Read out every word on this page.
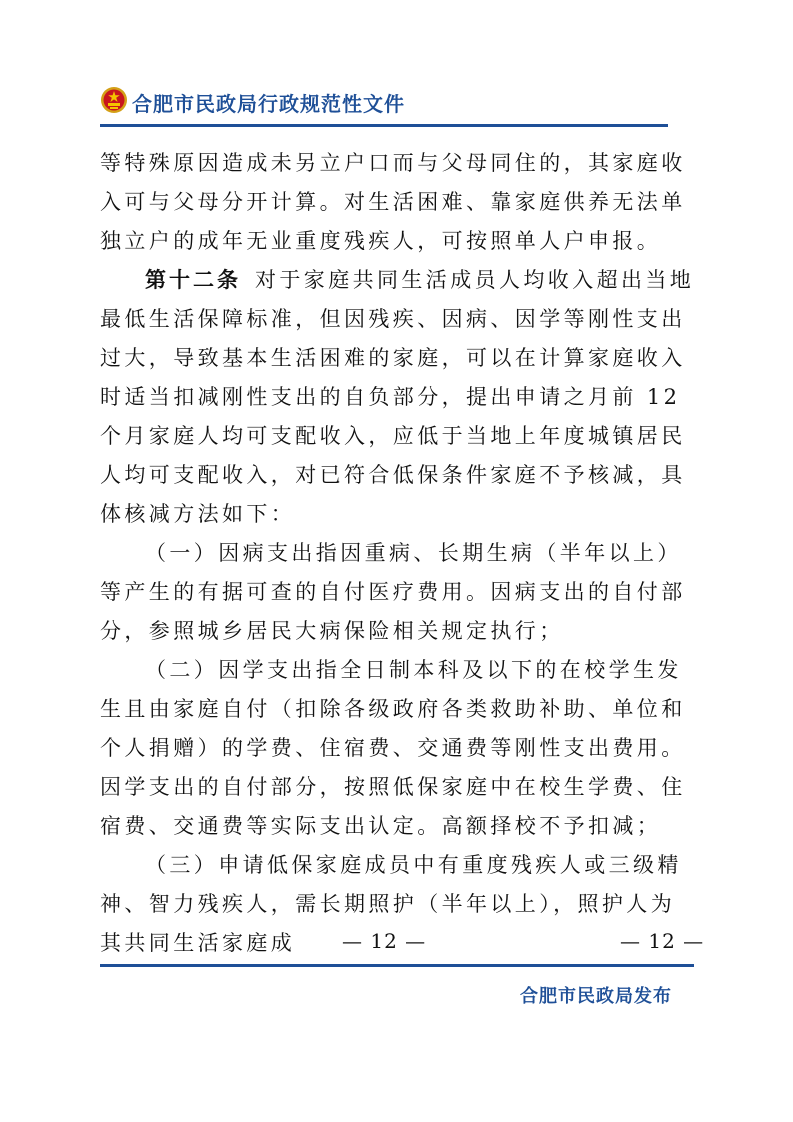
合肥市民政局行政规范性文件

等特殊原因造成未另立户口而与父母同住的，其家庭收入可与父母分开计算。对生活困难、靠家庭供养无法单独立户的成年无业重度残疾人，可按照单人户申报。

第十二条 对于家庭共同生活成员人均收入超出当地最低生活保障标准，但因残疾、因病、因学等刚性支出过大，导致基本生活困难的家庭，可以在计算家庭收入时适当扣减刚性支出的自负部分，提出申请之月前 12 个月家庭人均可支配收入，应低于当地上年度城镇居民人均可支配收入，对已符合低保条件家庭不予核减，具体核减方法如下：

（一）因病支出指因重病、长期生病（半年以上）等产生的有据可查的自付医疗费用。因病支出的自付部分，参照城乡居民大病保险相关规定执行；

（二）因学支出指全日制本科及以下的在校学生发生且由家庭自付（扣除各级政府各类救助补助、单位和个人捐赠）的学费、住宿费、交通费等刚性支出费用。因学支出的自付部分，按照低保家庭中在校生学费、住宿费、交通费等实际支出认定。高额择校不予扣减；

（三）申请低保家庭成员中有重度残疾人或三级精神、智力残疾人，需长期照护（半年以上），照护人为其共同生活家庭成	— 12 —	— 12 —
合肥市民政局发布
